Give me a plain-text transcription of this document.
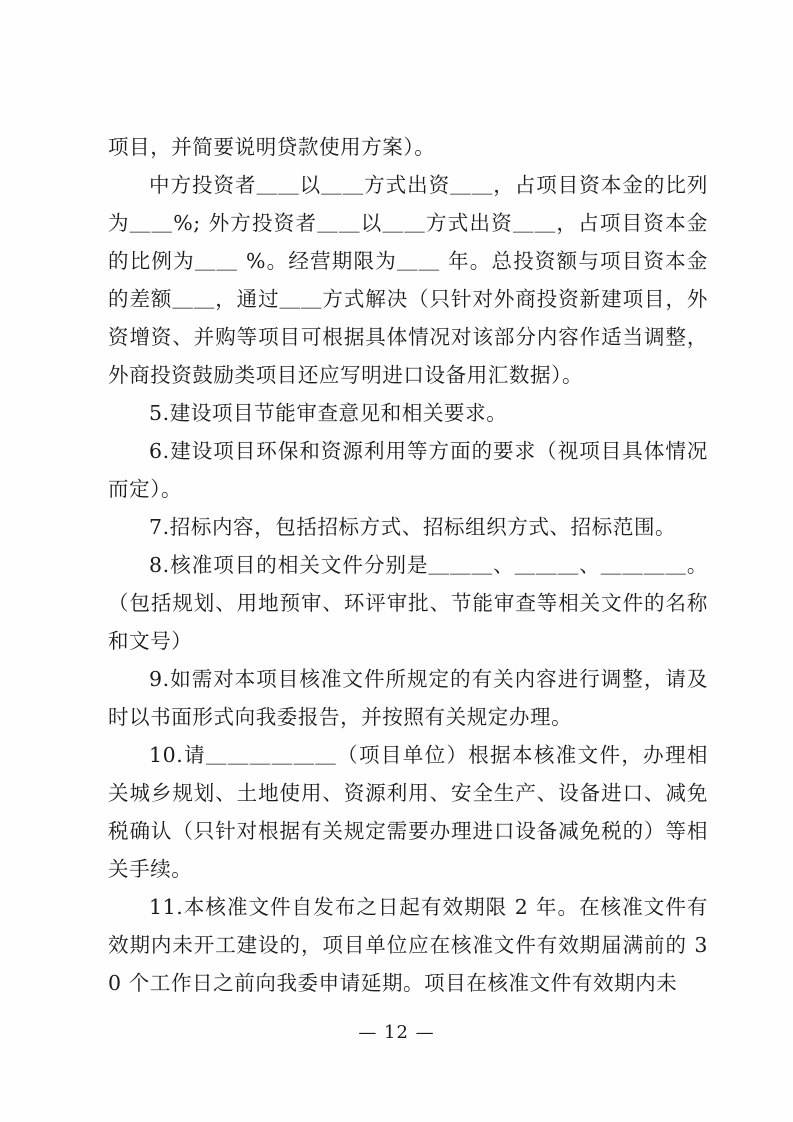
项目，并简要说明贷款使用方案）。

中方投资者＿＿以＿＿方式出资＿＿，占项目资本金的比列为＿＿%; 外方投资者＿＿以＿＿方式出资＿＿，占项目资本金的比例为＿＿ %。经营期限为＿＿ 年。总投资额与项目资本金的差额＿＿，通过＿＿方式解决（只针对外商投资新建项目，外资增资、并购等项目可根据具体情况对该部分内容作适当调整，外商投资鼓励类项目还应写明进口设备用汇数据）。

5.建设项目节能审查意见和相关要求。

6.建设项目环保和资源利用等方面的要求（视项目具体情况而定）。

7.招标内容，包括招标方式、招标组织方式、招标范围。

8.核准项目的相关文件分别是＿＿＿、＿＿＿、＿＿＿＿。（包括规划、用地预审、环评审批、节能审查等相关文件的名称和文号）

9.如需对本项目核准文件所规定的有关内容进行调整，请及时以书面形式向我委报告，并按照有关规定办理。

10.请＿＿＿＿＿＿（项目单位）根据本核准文件，办理相关城乡规划、土地使用、资源利用、安全生产、设备进口、减免税确认（只针对根据有关规定需要办理进口设备减免税的）等相关手续。

11.本核准文件自发布之日起有效期限 2 年。在核准文件有效期内未开工建设的，项目单位应在核准文件有效期届满前的 30 个工作日之前向我委申请延期。项目在核准文件有效期内未

— 12 —
